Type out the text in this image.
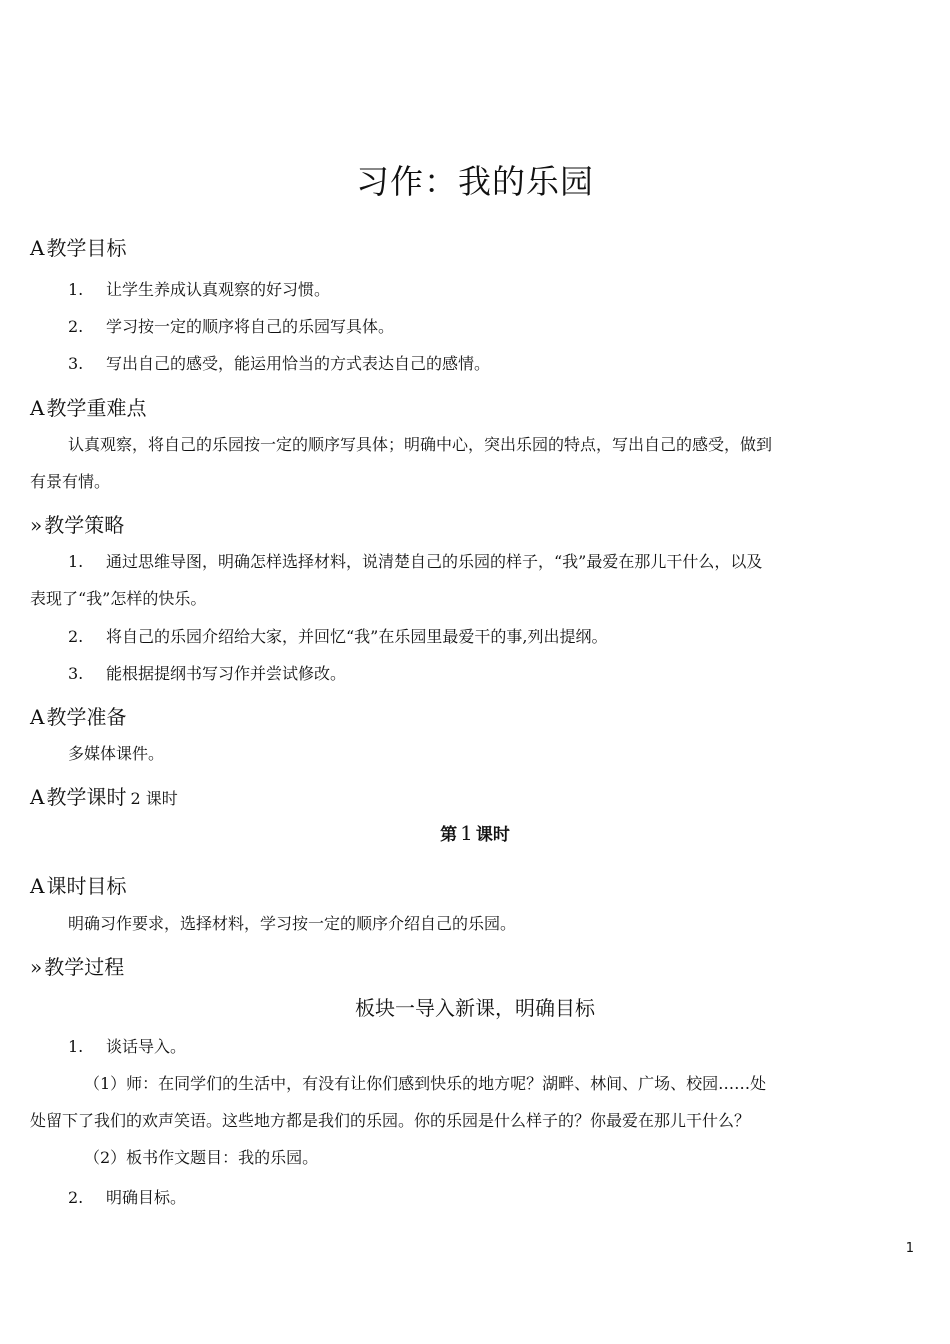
习作：我的乐园
A 教学目标
1. 让学生养成认真观察的好习惯。
2. 学习按一定的顺序将自己的乐园写具体。
3. 写出自己的感受，能运用恰当的方式表达自己的感情。
A 教学重难点
认真观察，将自己的乐园按一定的顺序写具体；明确中心，突出乐园的特点，写出自己的感受，做到
有景有情。
» 教学策略
1. 通过思维导图，明确怎样选择材料，说清楚自己的乐园的样子，“我”最爱在那儿干什么，以及
表现了“我”怎样的快乐。
2. 将自己的乐园介绍给大家，并回忆“我”在乐园里最爱干的事,列出提纲。
3. 能根据提纲书写习作并尝试修改。
A 教学准备
多媒体课件。
A 教学课时 2 课时
第 1 课时
A 课时目标
明确习作要求，选择材料，学习按一定的顺序介绍自己的乐园。
» 教学过程
板块一导入新课，明确目标
1. 谈话导入。
（1）师：在同学们的生活中，有没有让你们感到快乐的地方呢？湖畔、林间、广场、校园……处
处留下了我们的欢声笑语。这些地方都是我们的乐园。你的乐园是什么样子的？你最爱在那儿干什么？
（2）板书作文题目：我的乐园。
2. 明确目标。
1
